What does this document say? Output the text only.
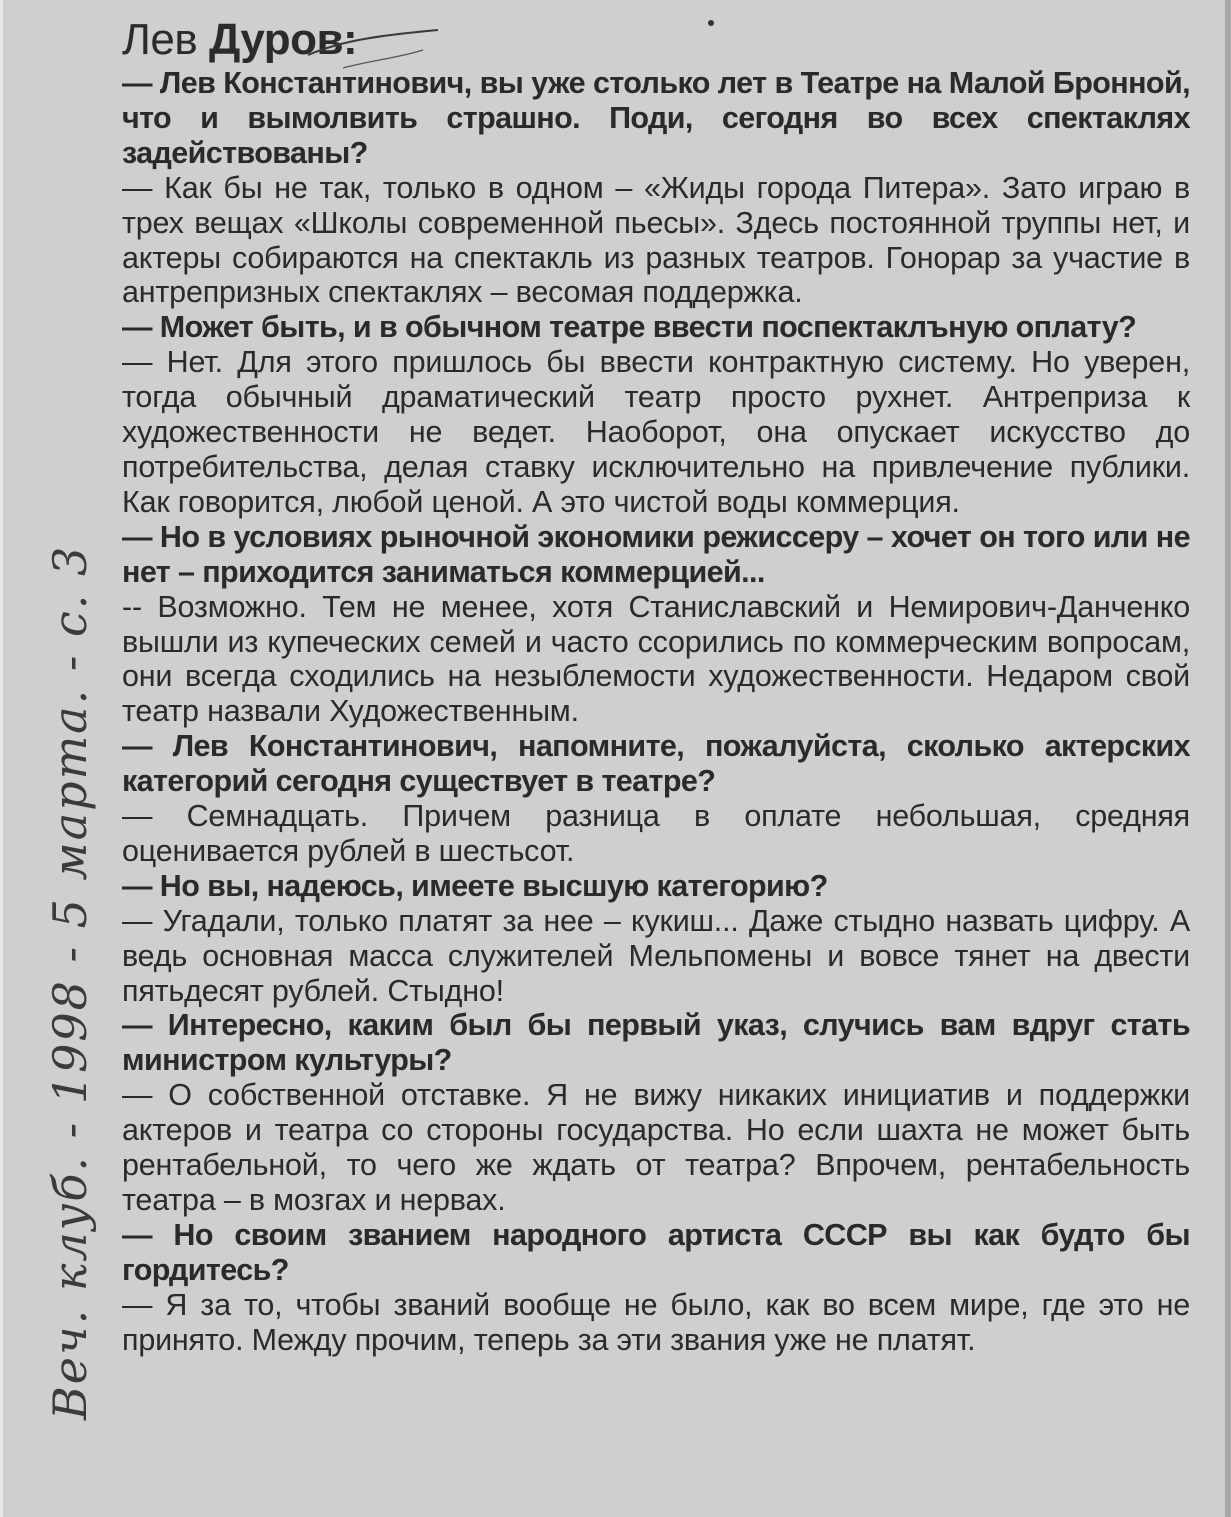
Лев Дуров:

— Лев Константинович, вы уже столько лет в Театре на Малой Бронной, что и вымолвить страшно. Поди, сегодня во всех спектаклях задействованы?

— Как бы не так, только в одном – «Жиды города Питера». Зато играю в трех вещах «Школы современной пьесы». Здесь постоянной труппы нет, и актеры собираются на спектакль из разных театров. Гонорар за участие в антрепризных спектаклях – весомая поддержка.

— Может быть, и в обычном театре ввести поспектаклъную оплату?

— Нет. Для этого пришлось бы ввести контрактную систему. Но уверен, тогда обычный драматический театр просто рухнет. Антреприза к художественности не ведет. Наоборот, она опускает искусство до потребительства, делая ставку исключительно на привлечение публики. Как говорится, любой ценой. А это чистой воды коммерция.

— Но в условиях рыночной экономики режиссеру – хочет он того или не нет – приходится заниматься коммерцией...

-- Возможно. Тем не менее, хотя Станиславский и Немирович-Данченко вышли из купеческих семей и часто ссорились по коммерческим вопросам, они всегда сходились на незыблемости художественности. Недаром свой театр назвали Художественным.

— Лев Константинович, напомните, пожалуйста, сколько актерских категорий сегодня существует в театре?

— Семнадцать. Причем разница в оплате небольшая, средняя оценивается рублей в шестьсот.

— Но вы, надеюсь, имеете высшую категорию?

— Угадали, только платят за нее – кукиш... Даже стыдно назвать цифру. А ведь основная масса служителей Мельпомены и вовсе тянет на двести пятьдесят рублей. Стыдно!

— Интересно, каким был бы первый указ, случись вам вдруг стать министром культуры?

— О собственной отставке. Я не вижу никаких инициатив и поддержки актеров и театра со стороны государства. Но если шахта не может быть рентабельной, то чего же ждать от театра? Впрочем, рентабельность театра – в мозгах и нервах.

— Но своим званием народного артиста СССР вы как будто бы гордитесь?

— Я за то, чтобы званий вообще не было, как во всем мире, где это не принято. Между прочим, теперь за эти звания уже не платят.

Веч. клуб. - 1998 - 5 марта. - с. 3
